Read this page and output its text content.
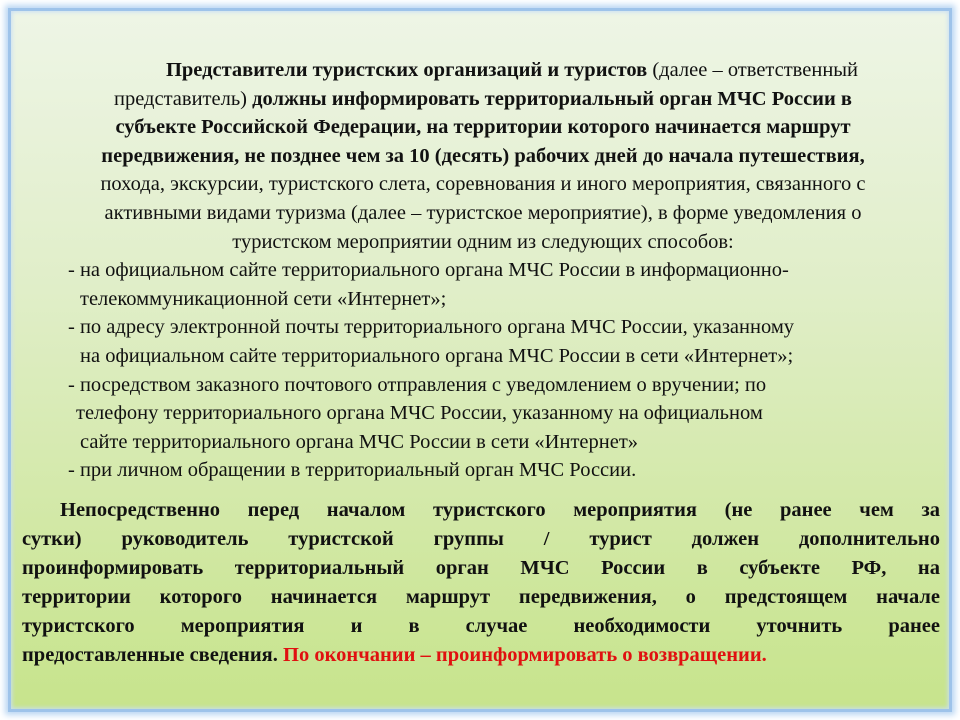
Представители туристских организаций и туристов (далее – ответственный
представитель) должны информировать территориальный орган МЧС России в
субъекте Российской Федерации, на территории которого начинается маршрут
передвижения, не позднее чем за 10 (десять) рабочих дней до начала путешествия,
похода, экскурсии, туристского слета, соревнования и иного мероприятия, связанного с
активными видами туризма (далее – туристское мероприятие), в форме уведомления о
туристском мероприятии одним из следующих способов:
- на официальном сайте территориального органа МЧС России в информационно-
телекоммуникационной сети «Интернет»;
- по адресу электронной почты территориального органа МЧС России, указанному
на официальном сайте территориального органа МЧС России в сети «Интернет»;
- посредством заказного почтового отправления с уведомлением о вручении; по
телефону территориального органа МЧС России, указанному на официальном
сайте территориального органа МЧС России в сети «Интернет»
- при личном обращении в территориальный орган МЧС России.
Непосредственно перед началом туристского мероприятия (не ранее чем за
сутки) руководитель туристской группы / турист должен дополнительно
проинформировать территориальный орган МЧС России в субъекте РФ, на
территории которого начинается маршрут передвижения, о предстоящем начале
туристского мероприятия и в случае необходимости уточнить ранее
предоставленные сведения. По окончании – проинформировать о возвращении.
